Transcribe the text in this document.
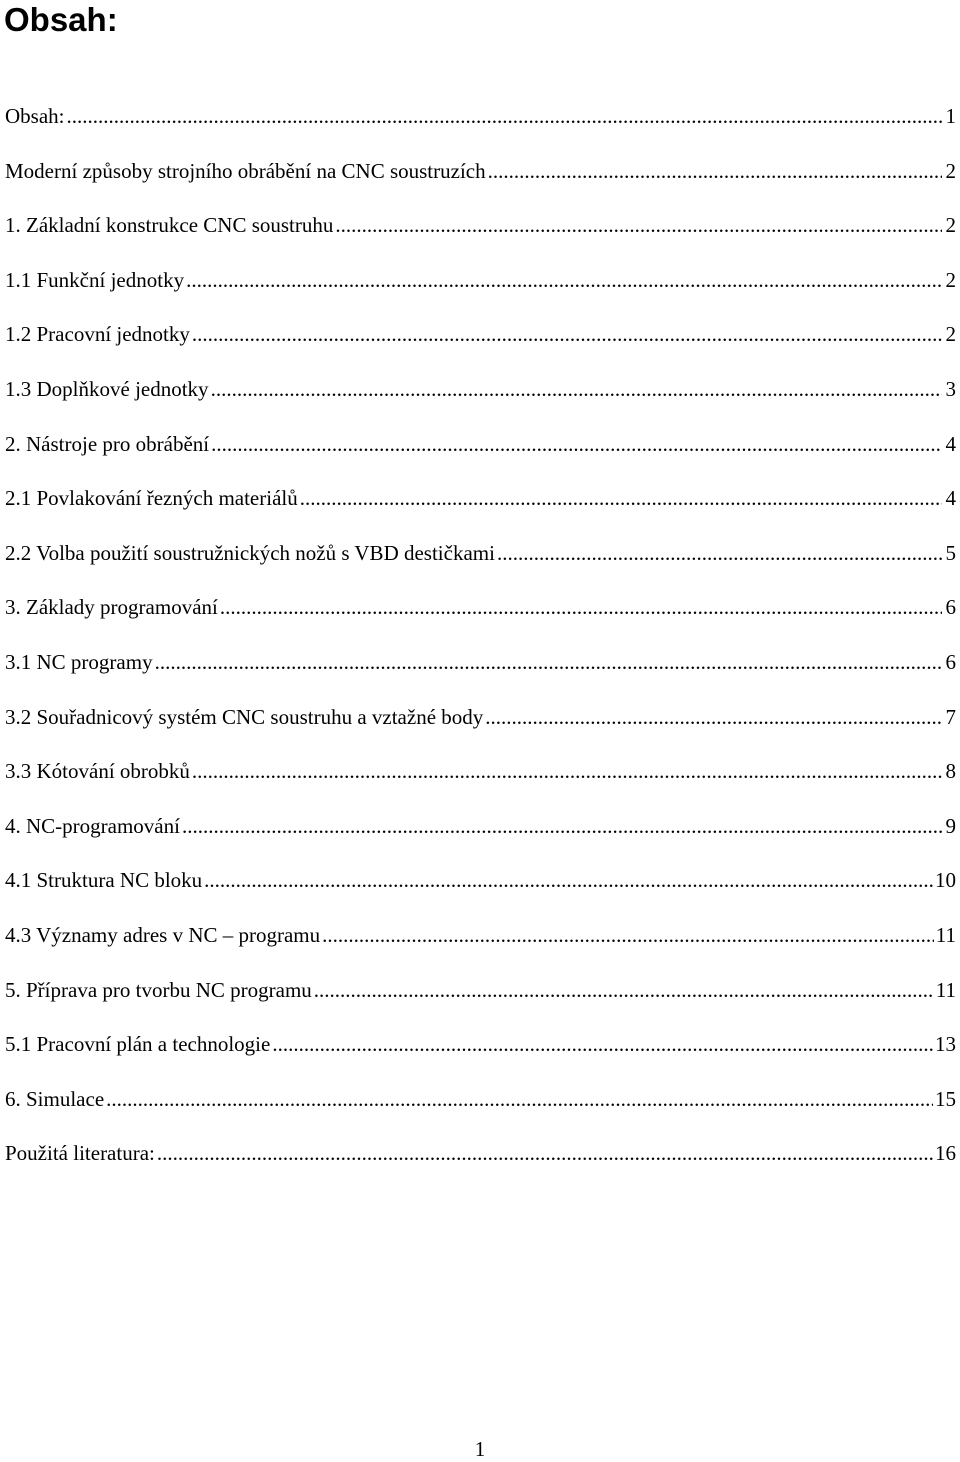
Obsah:
Obsah: .....	1
Moderní způsoby strojního obrábění na CNC soustruzích .....	2
1. Základní konstrukce CNC soustruhu .....	2
1.1 Funkční jednotky .....	2
1.2 Pracovní jednotky .....	2
1.3 Doplňkové jednotky .....	3
2. Nástroje pro obrábění .....	4
2.1 Povlakování řezných materiálů .....	4
2.2 Volba použití soustružnických nožů s VBD destičkami .....	5
3. Základy programování .....	6
3.1 NC programy .....	6
3.2 Souřadnicový systém CNC soustruhu a vztažné body .....	7
3.3 Kótování obrobků .....	8
4. NC-programování .....	9
4.1 Struktura NC bloku .....	10
4.3 Významy adres v NC – programu .....	11
5. Příprava pro tvorbu NC programu .....	11
5.1 Pracovní plán a technologie .....	13
6. Simulace .....	15
Použitá literatura: .....	16
1
